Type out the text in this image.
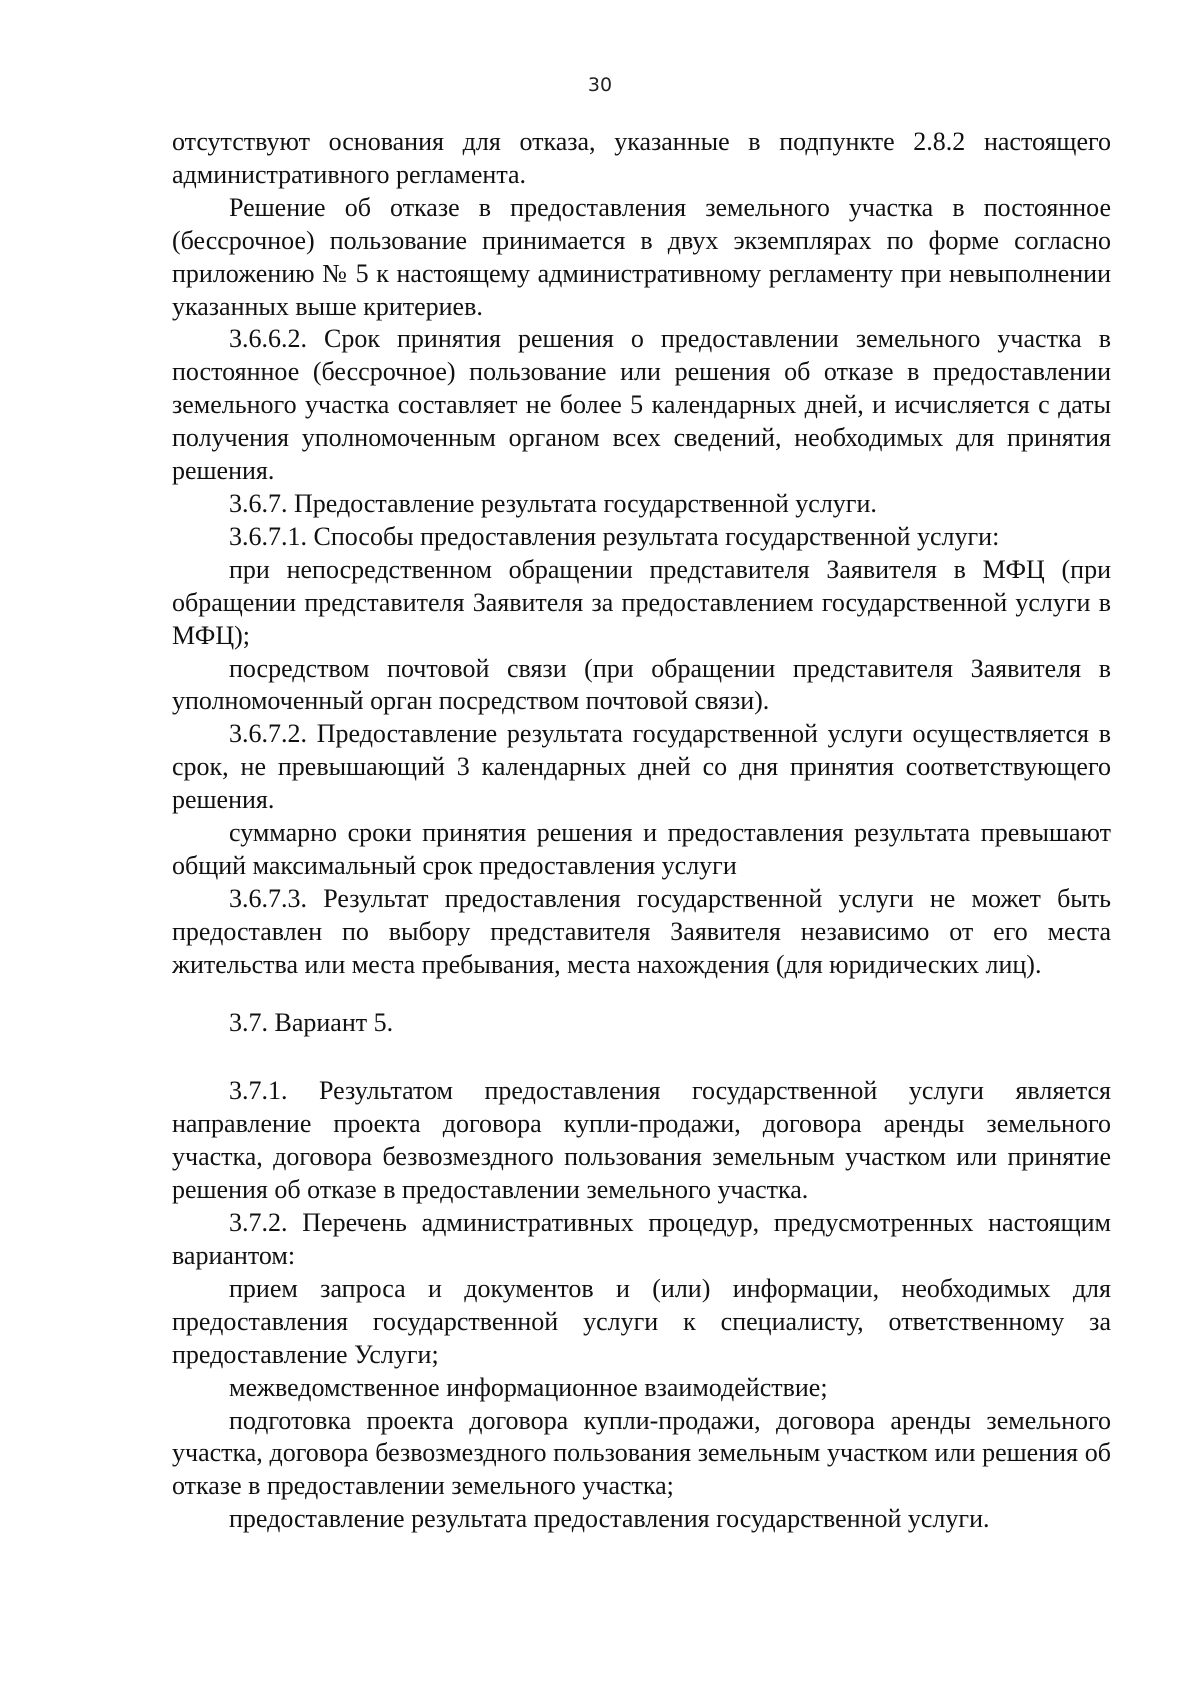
30

отсутствуют основания для отказа, указанные в подпункте 2.8.2 настоящего административного регламента.

Решение об отказе в предоставления земельного участка в постоянное (бессрочное) пользование принимается в двух экземплярах по форме согласно приложению № 5 к настоящему административному регламенту при невыполнении указанных выше критериев.

3.6.6.2. Срок принятия решения о предоставлении земельного участка в постоянное (бессрочное) пользование или решения об отказе в предоставлении земельного участка составляет не более 5 календарных дней, и исчисляется с даты получения уполномоченным органом всех сведений, необходимых для принятия решения.

3.6.7. Предоставление результата государственной услуги.

3.6.7.1. Способы предоставления результата государственной услуги:

при непосредственном обращении представителя Заявителя в МФЦ (при обращении представителя Заявителя за предоставлением государственной услуги в МФЦ);

посредством почтовой связи (при обращении представителя Заявителя в уполномоченный орган посредством почтовой связи).

3.6.7.2. Предоставление результата государственной услуги осуществляется в срок, не превышающий 3 календарных дней со дня принятия соответствующего решения.

суммарно сроки принятия решения и предоставления результата превышают общий максимальный срок предоставления услуги

3.6.7.3. Результат предоставления государственной услуги не может быть предоставлен по выбору представителя Заявителя независимо от его места жительства или места пребывания, места нахождения (для юридических лиц).

3.7. Вариант 5.

3.7.1. Результатом предоставления государственной услуги является направление проекта договора купли-продажи, договора аренды земельного участка, договора безвозмездного пользования земельным участком или принятие решения об отказе в предоставлении земельного участка.

3.7.2. Перечень административных процедур, предусмотренных настоящим вариантом:

прием запроса и документов и (или) информации, необходимых для предоставления государственной услуги к специалисту, ответственному за предоставление Услуги;

межведомственное информационное взаимодействие;

подготовка проекта договора купли-продажи, договора аренды земельного участка, договора безвозмездного пользования земельным участком или решения об отказе в предоставлении земельного участка;

предоставление результата предоставления государственной услуги.
